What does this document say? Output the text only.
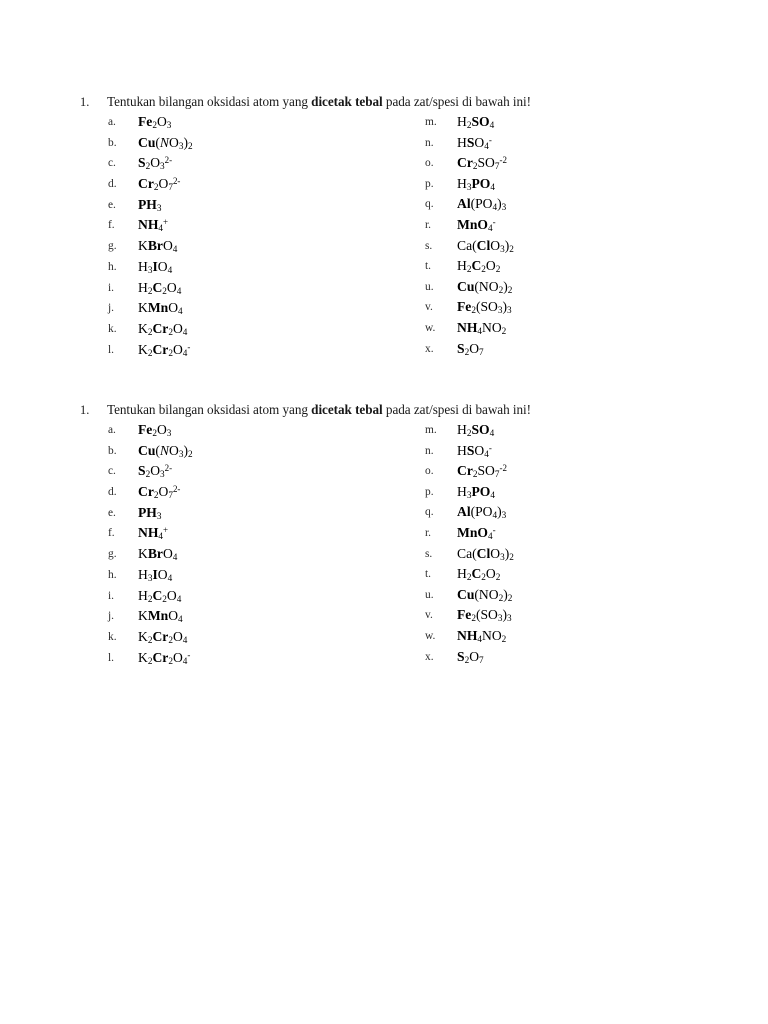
1. Tentukan bilangan oksidasi atom yang dicetak tebal pada zat/spesi di bawah ini!
a.	$Fe_2O_3$
b.	$Cu(NO_3)_2$
c.	$S_2O_3^{2-}$
d.	$Cr_2O_7^{2-}$
e.	$PH_3$
f.	$NH_4^+$
g.	KBrO$_4$
h.	$H_3IO_4$
i.	$H_2C_2O_4$
j.	KMnO$_4$
k.	$K_2Cr_2O_4$
l.	$K_2Cr_2O_4^-$
m.	$H_2SO_4$
n.	$HSO_4^-$
o.	$Cr_2SO_7^{-2}$
p.	$H_3PO_4$
q.	$Al(PO_4)_3$
r.	MnO$_4$-
s.	$Ca(ClO_3)_2$
t.	$H_2C_2O_2$
u.	$Cu(NO_2)_2$
v.	$Fe_2(SO_3)_3$
w.	$NH_4NO_2$
x.	$S_2O_7$
1. Tentukan bilangan oksidasi atom yang dicetak tebal pada zat/spesi di bawah ini!
a.	$Fe_2O_3$
b.	$Cu(NO_3)_2$
c.	$S_2O_3^{2-}$
d.	$Cr_2O_7^{2-}$
e.	$PH_3$
f.	$NH_4^+$
g.	KBrO$_4$
h.	$H_3IO_4$
i.	$H_2C_2O_4$
j.	KMnO$_4$
k.	$K_2Cr_2O_4$
l.	$K_2Cr_2O_4^-$
m.	$H_2SO_4$
n.	$HSO_4^-$
o.	$Cr_2SO_7^{-2}$
p.	$H_3PO_4$
q.	$Al(PO_4)_3$
r.	MnO$_4$-
s.	$Ca(ClO_3)_2$
t.	$H_2C_2O_2$
u.	$Cu(NO_2)_2$
v.	$Fe_2(SO_3)_3$
w.	$NH_4NO_2$
x.	$S_2O_7$
